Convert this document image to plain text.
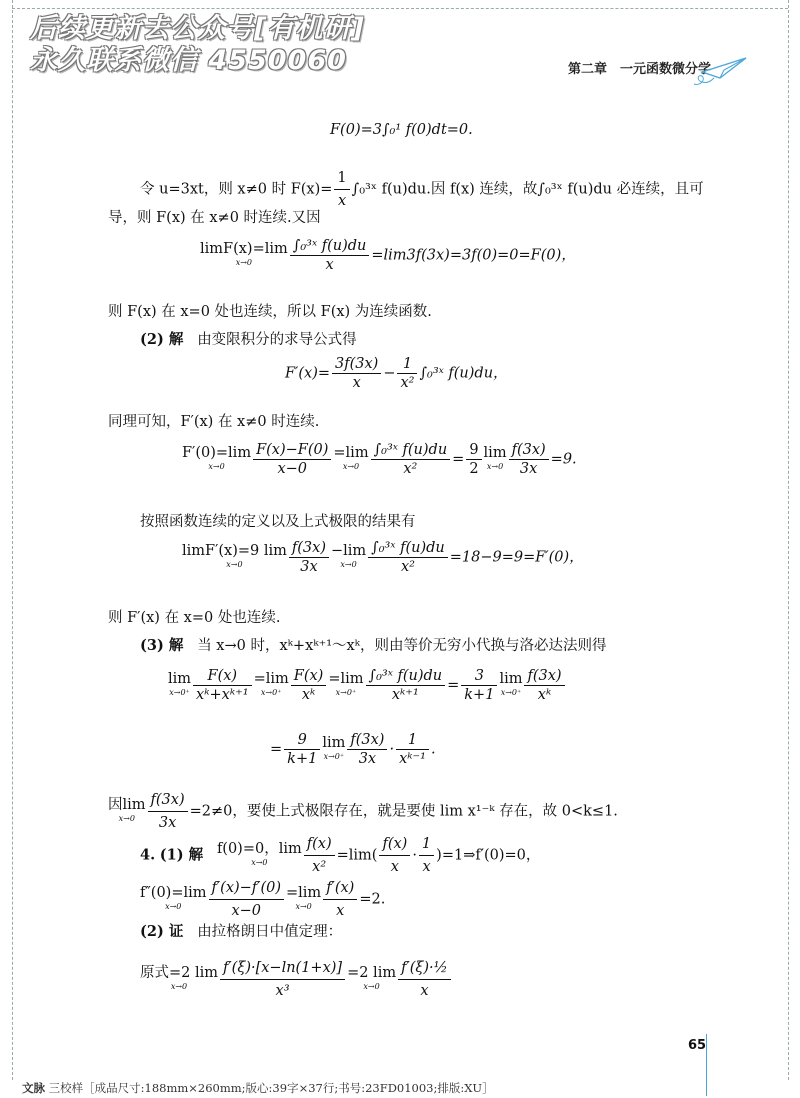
后续更新去公众号[有机研]
永久联系微信 4550060	第二章　一元函数微分学
F(0)=3∫₀¹ f(0)dt=0.
令 u=3xt，则 x≠0 时 $F(x)= \frac{1}{x}$ ∫₀³ˣ f(u)du.因 f(x) 连续，故∫₀³ˣ f(u)du 必连续，且可
导，则 F(x) 在 x≠0 时连续.又因
limF(x)=lim
x→0	$\frac{\text{∫₀³ˣ f(u)du}}{x} =\lim 3f(3x)=3f(0)=0=F(0)$，
则 F(x) 在 x=0 处也连续，所以 F(x) 为连续函数.
(2) 解 由变限积分的求导公式得
$F'(x)= \frac{3f(3x)}{x} - \frac{1}{\text{x²}}$ ∫₀³ˣ f(u)du，
同理可知，F′(x) 在 x≠0 时连续.
F′(0)=lim
x→0	$\frac{F(x)-F(0)}{x-0} =\lim$
$x\to 0 \frac{\text{∫₀³ˣ f(u)du}}{\text{x²}} = \frac{9}{2}$ lim
$x\to 0 \frac{f(3x)}{3x} =9$.
按照函数连续的定义以及上式极限的结果有
limF′(x)=9 lim
x→0	$\frac{f(3x)}{3x} -\lim$
$x\to 0 \frac{\text{∫₀³ˣ f(u)du}}{\text{x²}} =18-9=9=F'(0)$，
则 F′(x) 在 x=0 处也连续.
(3) 解 当 x→0 时，xᵏ+xᵏ⁺¹～xᵏ，则由等价无穷小代换与洛必达法则得
lim
$x\to 0^+ \frac{F(x)}{\text{xᵏ+xᵏ⁺¹}} =\lim$
$x\to 0^+ \frac{F(x)}{\text{xᵏ}} =\lim$
$x\to 0^+ \frac{\text{∫₀³ˣ f(u)du}}{\text{xᵏ⁺¹}} = \frac{3}{k+1}$ lim
$x\to 0^+ \frac{f(3x)}{\text{xᵏ}}$
= $\frac{9}{k+1}$ lim
$x\to 0^+ \frac{f(3x)}{3x} \cdot \frac{1}{\text{xᵏ⁻¹}}$ .
因lim
$x\to 0 \frac{f(3x)}{3x} =2\ne 0$，要使上式极限存在，就是要使 lim x¹⁻ᵏ 存在，故 0<k≤1.
4. (1) 解 f(0)=0，lim
x→0	$\frac{f(x)}{\text{x²}} =\lim( \frac{f(x)}{x} \cdot \frac{1}{x}$ )=1⇒f′(0)=0，
f″(0)=lim
x→0	$\frac{f'(x)-f'(0)}{x-0} =\lim$
$x\to 0 \frac{f'(x)}{x} =2$.
(2) 证 由拉格朗日中值定理：
原式=2 lim
x→0	$\frac{f'(\xi)\cdot[x-\ln(1+x)]}{\text{x³}} =2$ lim
x→0	$\frac{\text{f′(ξ)·½}}{x}$
65
文脉 三校样［成品尺寸:188mm×260mm;版心:39字×37行;书号:23FD01003;排版:XU］
